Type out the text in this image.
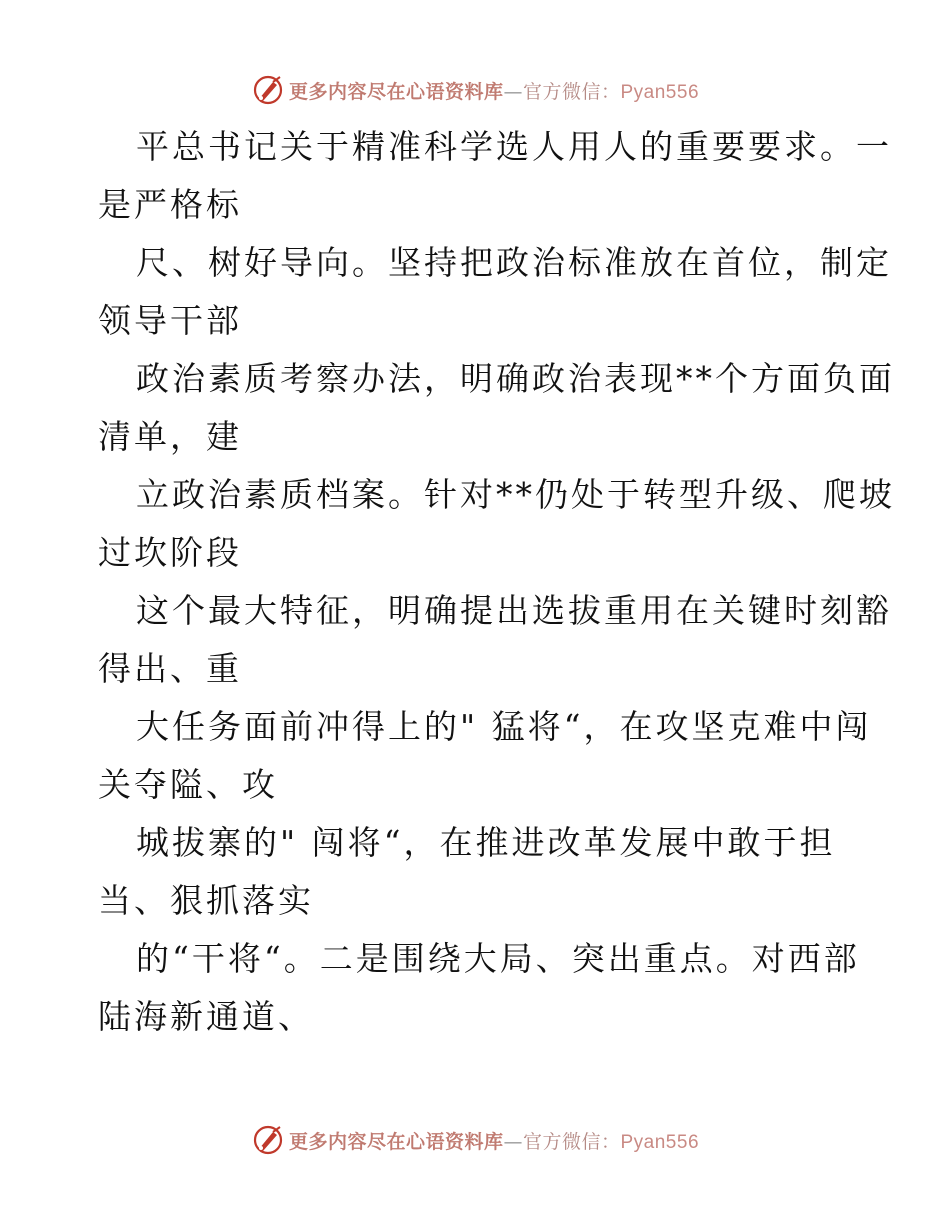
更多内容尽在心语资料库—官方微信：Pyan556
平总书记关于精准科学选人用人的重要要求。一
是严格标
尺、树好导向。坚持把政治标准放在首位，制定
领导干部
政治素质考察办法，明确政治表现**个方面负面
清单，建
立政治素质档案。针对**仍处于转型升级、爬坡
过坎阶段
这个最大特征，明确提出选拔重用在关键时刻豁
得出、重
大任务面前冲得上的" 猛将“，在攻坚克难中闯
关夺隘、攻
城拔寨的" 闯将“，在推进改革发展中敢于担
当、狠抓落实
的“干将“。二是围绕大局、突出重点。对西部
陆海新通道、
更多内容尽在心语资料库—官方微信：Pyan556
